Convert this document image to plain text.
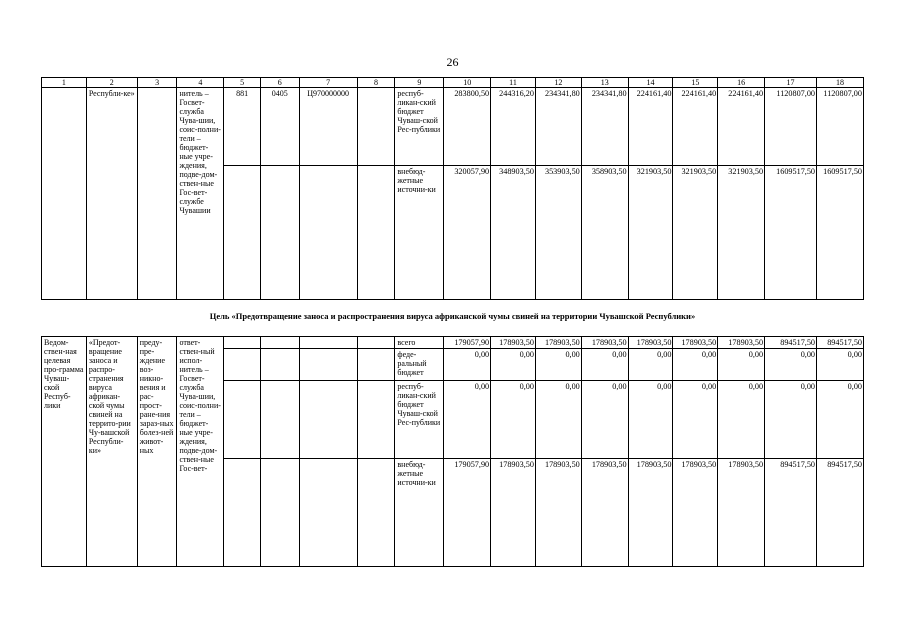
26
1	2	3	4	5	6	7	8	9	10	11	12	13	14	15	16	17	18
	Республи-ке»		нитель – Госвет-служба Чува-шии, соис-полни-тели – бюджет-ные учре-ждения, подве-дом-ствен-ные Гос-вет-службе Чувашии	881	0405	Ц970000000		респуб-ликан-ский бюджет Чуваш-ской Рес-публики	283800,50	244316,20	234341,80	234341,80	224161,40	224161,40	224161,40	1120807,00	1120807,00
								внебюд-жетные источни-ки	320057,90	348903,50	353903,50	358903,50	321903,50	321903,50	321903,50	1609517,50	1609517,50
Цель «Предотвращение заноса и распространения вируса африканской чумы свиней на территории Чувашской Республики»
Ведом-ствен-ная целевая про-грамма Чуваш-ской Респуб-лики	«Предот-вращение заноса и распро-странения вируса африкан-ской чумы свиней на террито-рии Чу-вашской Республи-ки»	преду-пре-ждение воз-никно-вения и рас-прост-ране-ния зараз-ных болез-ней живот-ных	ответ-ствен-ный испол-нитель – Госвет-служба Чува-шии, соис-полни-тели – бюджет-ные учре-ждения, подве-дом-ствен-ные Гос-вет-					всего	179057,90	178903,50	178903,50	178903,50	178903,50	178903,50	178903,50	894517,50	894517,50
								феде-ральный бюджет	0,00	0,00	0,00	0,00	0,00	0,00	0,00	0,00	0,00
								респуб-ликан-ский бюджет Чуваш-ской Рес-публики	0,00	0,00	0,00	0,00	0,00	0,00	0,00	0,00	0,00
								внебюд-жетные источни-ки	179057,90	178903,50	178903,50	178903,50	178903,50	178903,50	178903,50	894517,50	894517,50
